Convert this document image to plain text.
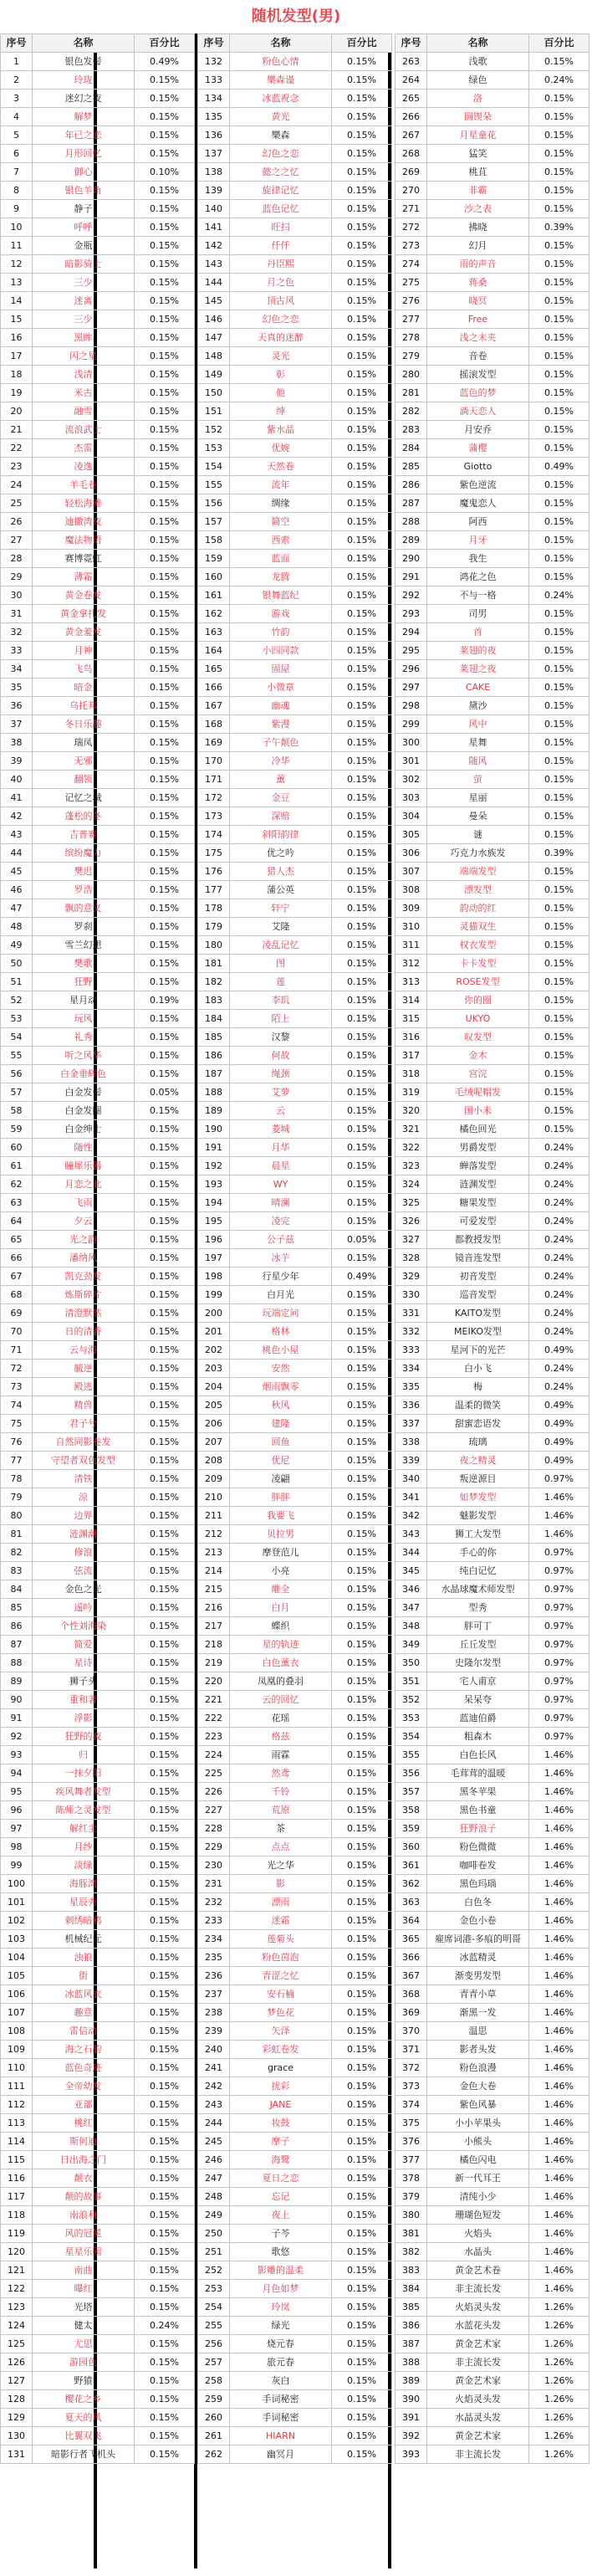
随机发型(男)
序号	名称	百分比
1	银色发髻	0.49%
2	玲珑	0.15%
3	迷幻之夜	0.15%
4	解梦	0.15%
5	年已之恋	0.15%
6	月形回忆	0.15%
7	御心	0.10%
8	银色羊角	0.15%
9	静子	0.15%
10	呼呼	0.15%
11	金瓶	0.15%
12	暗影骑士	0.15%
13	三少	0.15%
14	迷离	0.15%
15	三少	0.15%
16	黑眸	0.15%
17	闪之星	0.15%
18	浅清	0.15%
19	米古	0.15%
20	融雪	0.15%
21	流浪武士	0.15%
22	杰雷	0.15%
23	凌逸	0.15%
24	羊毛卷	0.15%
25	轻松海滩	0.15%
26	迪撒湾夜	0.15%
27	魔法物语	0.15%
28	赛博霓虹	0.15%
29	薄霜	0.15%
30	黄金卷发	0.15%
31	黄金拿扎发	0.15%
32	黄金羞发	0.15%
33	月神	0.15%
34	飞鸟	0.15%
35	暗金	0.15%
36	乌托邦	0.15%
37	冬日乐趣	0.15%
38	瑞凤	0.15%
39	无邪	0.15%
40	翻领	0.15%
41	记忆之城	0.15%
42	蓬松的冬	0.15%
43	吉普赛	0.15%
44	缤纷魔力	0.15%
45	樊迟	0.15%
46	罗浩	0.15%
47	飘的意义	0.15%
48	罗刹	0.15%
49	雪兰幻想	0.15%
50	樊歌	0.15%
51	狂野	0.15%
52	星月动	0.19%
53	玩风	0.15%
54	礼秀	0.15%
55	听之风华	0.15%
56	白金垂辉色	0.15%
57	白金发髻	0.05%
58	白金发圈	0.15%
59	白金绅士	0.15%
60	随性	0.15%
61	瞳犀乐器	0.15%
62	月恋之北	0.15%
63	飞雨	0.15%
64	夕云	0.15%
65	光之韵	0.15%
66	潘纳风	0.15%
67	凯克劲发	0.15%
68	炼斯碎片	0.15%
69	清澄默然	0.15%
70	日的清香	0.15%
71	云与海	0.15%
72	毓逆	0.15%
73	殿逃	0.15%
74	精兽	0.15%
75	君子兮	0.15%
76	自然同影卷发	0.15%
77	守望者双色发型	0.15%
78	清铁	0.15%
79	涼	0.15%
80	边界	0.15%
81	涟渊潮	0.15%
82	修浪	0.15%
83	弦流	0.15%
84	金色之光	0.15%
85	遥吟	0.15%
86	个性刘海染	0.15%
87	简爱	0.15%
88	星诗	0.15%
89	狮子头	0.15%
90	重和著	0.15%
91	浮影	0.15%
92	狂野的夜	0.15%
93	归	0.15%
94	一抹夕阳	0.15%
95	疾风舞者发型	0.15%
96	陈师之灵发型	0.15%
97	解红尘	0.15%
98	月纱	0.15%
99	淡绿	0.15%
100	海豚湾	0.15%
101	星辰秀	0.15%
102	刺绣暗鸦	0.15%
103	机械纪元	0.15%
104	浊狼	0.15%
105	街	0.15%
106	冰蓝风衣	0.15%
107	趣意	0.15%
108	雷信动	0.15%
109	海之石韵	0.15%
110	蓝色奇迹	0.15%
111	全帝幼发	0.15%
112	亚部	0.15%
113	桃红	0.15%
114	斯何迪	0.15%
115	日出海之门	0.15%
116	颠衣	0.15%
117	颠的故事	0.15%
118	南浪利	0.15%
119	风的冠冕	0.15%
120	星星乐园	0.15%
121	南曲	0.15%
122	曝红	0.15%
123	光塔	0.15%
124	健太	0.24%
125	尤思	0.15%
126	游园色	0.15%
127	野猿	0.15%
128	樱花之乡	0.15%
129	夏天的风	0.15%
130	比翼双飞	0.15%
131	暗影行者飞机头	0.15%
序号	名称	百分比
132	粉色心情	0.15%
133	樂森谨	0.15%
134	冰蓝祝念	0.15%
135	黄光	0.15%
136	樂森	0.15%
137	幻色之恋	0.15%
138	懿之之忆	0.15%
139	旋律记忆	0.15%
140	蓝色记忆	0.15%
141	旺扫	0.15%
142	仟仟	0.15%
143	丹臣熙	0.15%
144	月之色	0.15%
145	顶古风	0.15%
146	幻色之恋	0.15%
147	天真的迷醉	0.15%
148	灵光	0.15%
149	彰	0.15%
150	他	0.15%
151	绅	0.15%
152	紫水晶	0.15%
153	优婉	0.15%
154	天然卷	0.15%
155	流年	0.15%
156	绸缘	0.15%
157	简空	0.15%
158	西索	0.15%
159	蓝面	0.15%
160	龙腾	0.15%
161	银舞蓝纪	0.15%
162	游戏	0.15%
163	竹韵	0.15%
164	小四同款	0.15%
165	固屋	0.15%
166	小微章	0.15%
167	幽魂	0.15%
168	紫漫	0.15%
169	子午颠色	0.15%
170	冷华	0.15%
171	薰	0.15%
172	金豆	0.15%
173	深赔	0.15%
174	斜阳韵律	0.15%
175	优之吟	0.15%
176	猎人杰	0.15%
177	蒲公英	0.15%
178	轩宁	0.15%
179	艾隆	0.15%
180	凌乱记忆	0.15%
181	图	0.15%
182	莲	0.15%
183	李玑	0.15%
184	陌上	0.15%
185	汉黎	0.15%
186	何故	0.15%
187	绳颈	0.15%
188	艾萝	0.15%
189	云	0.15%
190	菱城	0.15%
191	月华	0.15%
192	晨星	0.15%
193	WY	0.15%
194	晴澜	0.15%
195	凌完	0.15%
196	公子兹	0.05%
197	冰芋	0.15%
198	行星少年	0.49%
199	白月光	0.15%
200	玩端定问	0.15%
201	格林	0.15%
202	桃色小屋	0.15%
203	安然	0.15%
204	烟雨飘零	0.15%
205	秋风	0.15%
206	建隆	0.15%
207	回鱼	0.15%
208	优尼	0.15%
209	凌翩	0.15%
210	胖胖	0.15%
211	我要飞	0.15%
212	贝拉男	0.15%
213	摩登范儿	0.15%
214	小亮	0.15%
215	雕全	0.15%
216	白月	0.15%
217	蝶织	0.15%
218	星的轨迹	0.15%
219	白色薰衣	0.15%
220	凤凰的叠羽	0.15%
221	云的回忆	0.15%
222	花瑶	0.15%
223	格兹	0.15%
224	雨霖	0.15%
225	然鸢	0.15%
226	千铃	0.15%
227	荒原	0.15%
228	茶	0.15%
229	点点	0.15%
230	光之华	0.15%
231	影	0.15%
232	漂雨	0.15%
233	迷霜	0.15%
234	莲菊头	0.15%
235	粉色茵泡	0.15%
236	青涩之忆	0.15%
237	安石楠	0.15%
238	梦色花	0.15%
239	矢泽	0.15%
240	彩虹卷发	0.15%
241	grace	0.15%
242	扰彩	0.15%
243	JANE	0.15%
244	妆鼓	0.15%
245	摩子	0.15%
246	海鹭	0.15%
247	夏日之恋	0.15%
248	忘记	0.15%
249	夜上	0.15%
250	子芩	0.15%
251	歌悠	0.15%
252	影雕的温柔	0.15%
253	月色如梦	0.15%
254	玲岚	0.15%
255	绿光	0.15%
256	烧元春	0.15%
257	旅元春	0.15%
258	灰白	0.15%
259	手词秘密	0.15%
260	手词秘密	0.15%
261	HIARN	0.15%
262	幽冥月	0.15%
序号	名称	百分比
263	浅歌	0.15%
264	绿色	0.24%
265	洛	0.15%
266	圆锲朵	0.15%
267	月星童花	0.15%
268	猛笑	0.15%
269	桃苴	0.15%
270	非霸	0.15%
271	沙之表	0.15%
272	拂晓	0.39%
273	幻月	0.15%
274	雨的声音	0.15%
275	蒋桑	0.15%
276	晓冥	0.15%
277	Free	0.15%
278	浅之未夹	0.15%
279	音卷	0.15%
280	摇滚发型	0.15%
281	蓝色的梦	0.15%
282	淌天恋人	0.15%
283	月安乔	0.15%
284	蒲樱	0.15%
285	Giotto	0.49%
286	紫色逆流	0.15%
287	魔鬼恋人	0.15%
288	阿西	0.15%
289	月牙	0.15%
290	我生	0.15%
291	鸿花之色	0.15%
292	不与一格	0.24%
293	司男	0.15%
294	首	0.15%
295	莱翅的夜	0.15%
296	莱翅之夜	0.15%
297	CAKE	0.15%
298	黛沙	0.15%
299	风中	0.15%
300	星舞	0.15%
301	随风	0.15%
302	萤	0.15%
303	星丽	0.15%
304	曼朵	0.15%
305	谜	0.15%
306	巧克力水族发	0.39%
307	端端发型	0.15%
308	漂发型	0.15%
309	韵动的红	0.15%
310	灵猫双生	0.15%
311	权衣发型	0.15%
312	卡卡发型	0.15%
313	ROSE发型	0.15%
314	你的圈	0.15%
315	UKYO	0.15%
316	叹发型	0.15%
317	金木	0.15%
318	宫浣	0.15%
319	毛绒呢帽发	0.15%
320	国小米	0.15%
321	橘色回光	0.15%
322	男爵发型	0.24%
323	蝉落发型	0.24%
324	涟渊发型	0.24%
325	糖果发型	0.24%
326	可爱发型	0.24%
327	都教授发型	0.24%
328	镜音连发型	0.24%
329	初音发型	0.24%
330	巡音发型	0.24%
331	KAITO发型	0.24%
332	MEIKO发型	0.24%
333	星河下的光芒	0.49%
334	白小飞	0.24%
335	梅	0.24%
336	温柔的微笑	0.49%
337	甜蜜恋语发	0.49%
338	琉璃	0.49%
339	夜之精灵	0.49%
340	叛逆源目	0.97%
341	如梦发型	1.46%
342	魅影发型	1.46%
343	狮工大发型	1.46%
344	手心的你	0.97%
345	纯白记忆	0.97%
346	水晶球魔术师发型	0.97%
347	型秀	0.97%
348	胖可丁	0.97%
349	丘丘发型	0.97%
350	史隆尔发型	0.97%
351	宅人甫京	0.97%
352	呆呆夸	0.97%
353	蓝迪伯爵	0.97%
354	粗森木	0.97%
355	白色长风	1.46%
356	毛茸茸的温暖	1.46%
357	黑冬苹果	1.46%
358	黑色书童	1.46%
359	狂野浪子	1.46%
360	粉色微微	1.46%
361	咖啡卷发	1.46%
362	黑色玛瑙	1.46%
363	白色冬	1.46%
364	金色小卷	1.46%
365	雇席词港-多痕的明哥	1.46%
366	冰蓝精灵	1.46%
367	渐变男发型	1.46%
368	青青小草	1.46%
369	渐黑一发	1.46%
370	温思	1.46%
371	影者头发	1.46%
372	粉色浪漫	1.46%
373	金色大卷	1.46%
374	紫色风暴	1.46%
375	小小苹果头	1.46%
376	小熊头	1.46%
377	橘色闪电	1.46%
378	新一代耳王	1.46%
379	清纯小少	1.46%
380	珊瑚色短发	1.46%
381	火焰头	1.46%
382	水晶头	1.46%
383	黄金艺术卷	1.46%
384	非主流长发	1.46%
385	火焰灵头发	1.26%
386	水蓝花头发	1.26%
387	黄金艺术家	1.26%
388	非主流长发	1.26%
389	黄金艺术家	1.26%
390	火焰灵头发	1.26%
391	水晶灵头发	1.26%
392	黄金艺术家	1.26%
393	非主流长发	1.26%
